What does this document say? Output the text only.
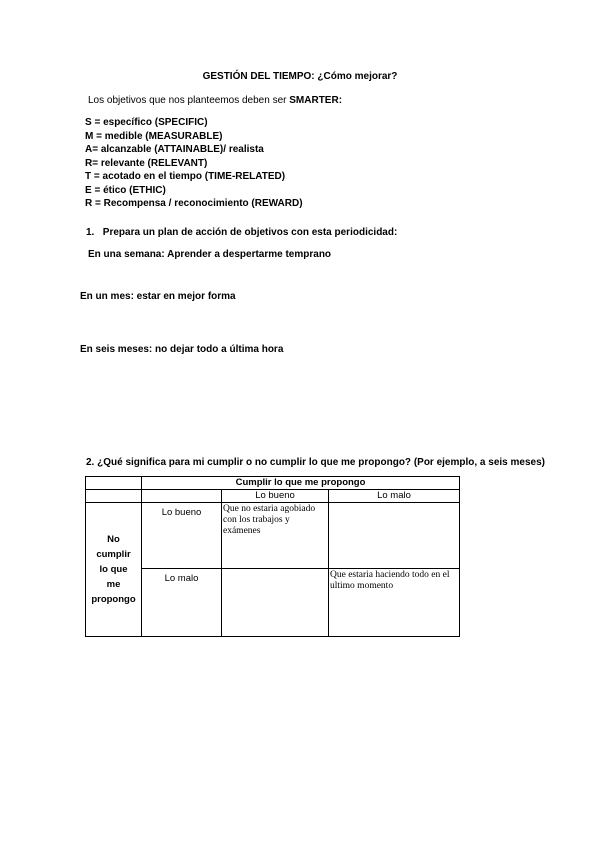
GESTIÓN DEL TIEMPO: ¿Cómo mejorar?
Los objetivos que nos planteemos deben ser SMARTER:
S = específico (SPECIFIC)
M = medible (MEASURABLE)
A= alcanzable (ATTAINABLE)/ realista
R= relevante (RELEVANT)
T = acotado en el tiempo (TIME-RELATED)
E = ético (ETHIC)
R = Recompensa / reconocimiento (REWARD)
1. Prepara un plan de acción de objetivos con esta periodicidad:
En una semana: Aprender a despertarme temprano
En un mes: estar en mejor forma
En seis meses: no dejar todo a última hora
2. ¿Qué significa para mi cumplir o no cumplir lo que me propongo? (Por ejemplo, a seis meses)
	Cumplir lo que me propongo		
		Lo bueno	Lo malo

No
cumplir
lo que
me
propongo	Lo bueno	Que no estaria agobiado con los trabajos y exámenes	
	Lo malo		Que estaria haciendo todo en el ultimo momento
